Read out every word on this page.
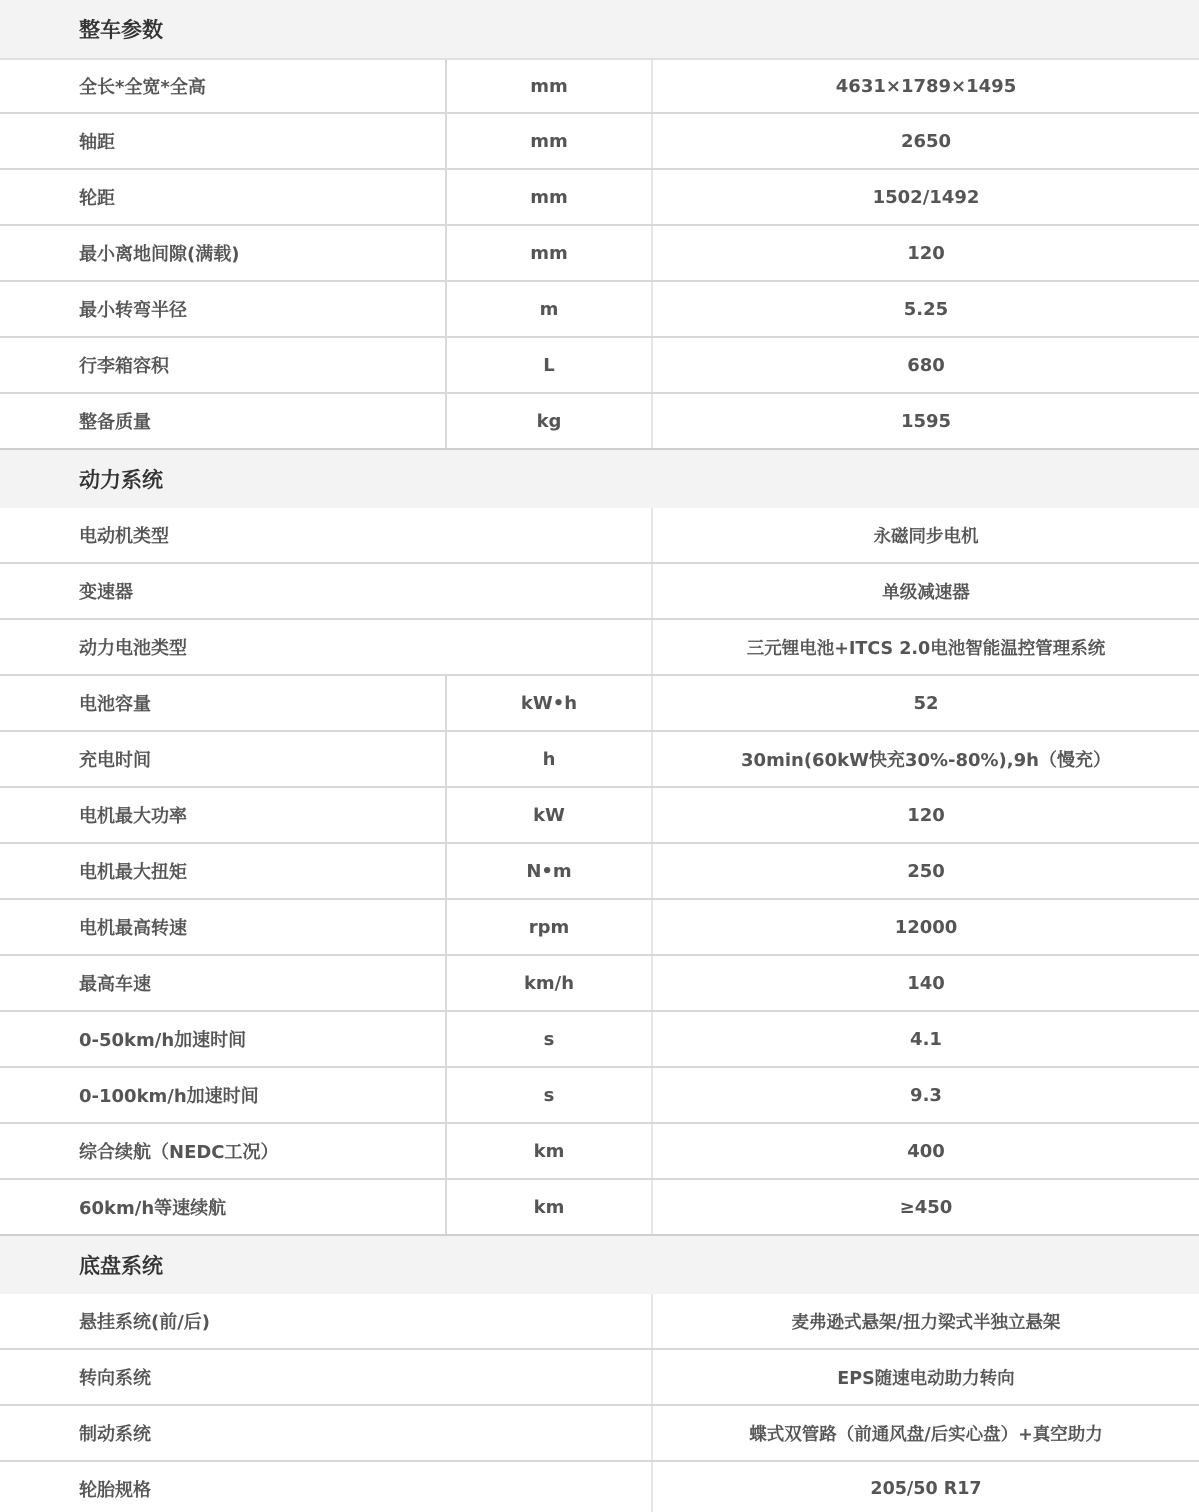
整车参数
全长*全宽*全高	mm	4631×1789×1495
轴距	mm	2650
轮距	mm	1502/1492
最小离地间隙(满载)	mm	120
最小转弯半径	m	5.25
行李箱容积	L	680
整备质量	kg	1595
动力系统
电动机类型	永磁同步电机
变速器	单级减速器
动力电池类型	三元锂电池+ITCS 2.0电池智能温控管理系统
电池容量	kW•h	52
充电时间	h	30min(60kW快充30%-80%),9h（慢充）
电机最大功率	kW	120
电机最大扭矩	N•m	250
电机最高转速	rpm	12000
最高车速	km/h	140
0-50km/h加速时间	s	4.1
0-100km/h加速时间	s	9.3
综合续航（NEDC工况）	km	400
60km/h等速续航	km	≥450
底盘系统
悬挂系统(前/后)	麦弗逊式悬架/扭力梁式半独立悬架
转向系统	EPS随速电动助力转向
制动系统	蝶式双管路（前通风盘/后实心盘）+真空助力
轮胎规格	205/50 R17
